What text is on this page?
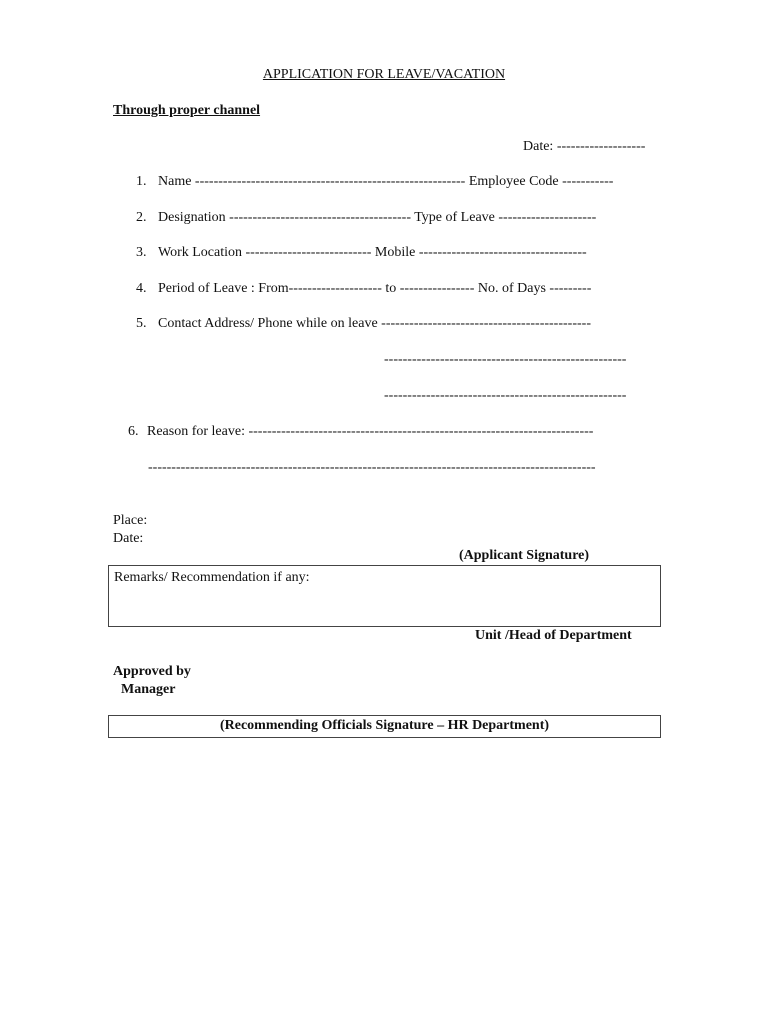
APPLICATION FOR LEAVE/VACATION
Through proper channel
Date: -------------------
1. Name ---------------------------------------------------------- Employee Code -----------
2. Designation --------------------------------------- Type of Leave ---------------------
3. Work Location --------------------------- Mobile ------------------------------------
4. Period of Leave : From-------------------- to ---------------- No. of Days ---------
5. Contact Address/ Phone while on leave ---------------------------------------------
----------------------------------------------------
----------------------------------------------------
6. Reason for leave: --------------------------------------------------------------------------
------------------------------------------------------------------------------------------------
Place:
Date:
(Applicant Signature)
Remarks/ Recommendation if any:
Unit /Head of Department
Approved by
Manager
(Recommending Officials Signature – HR Department)
